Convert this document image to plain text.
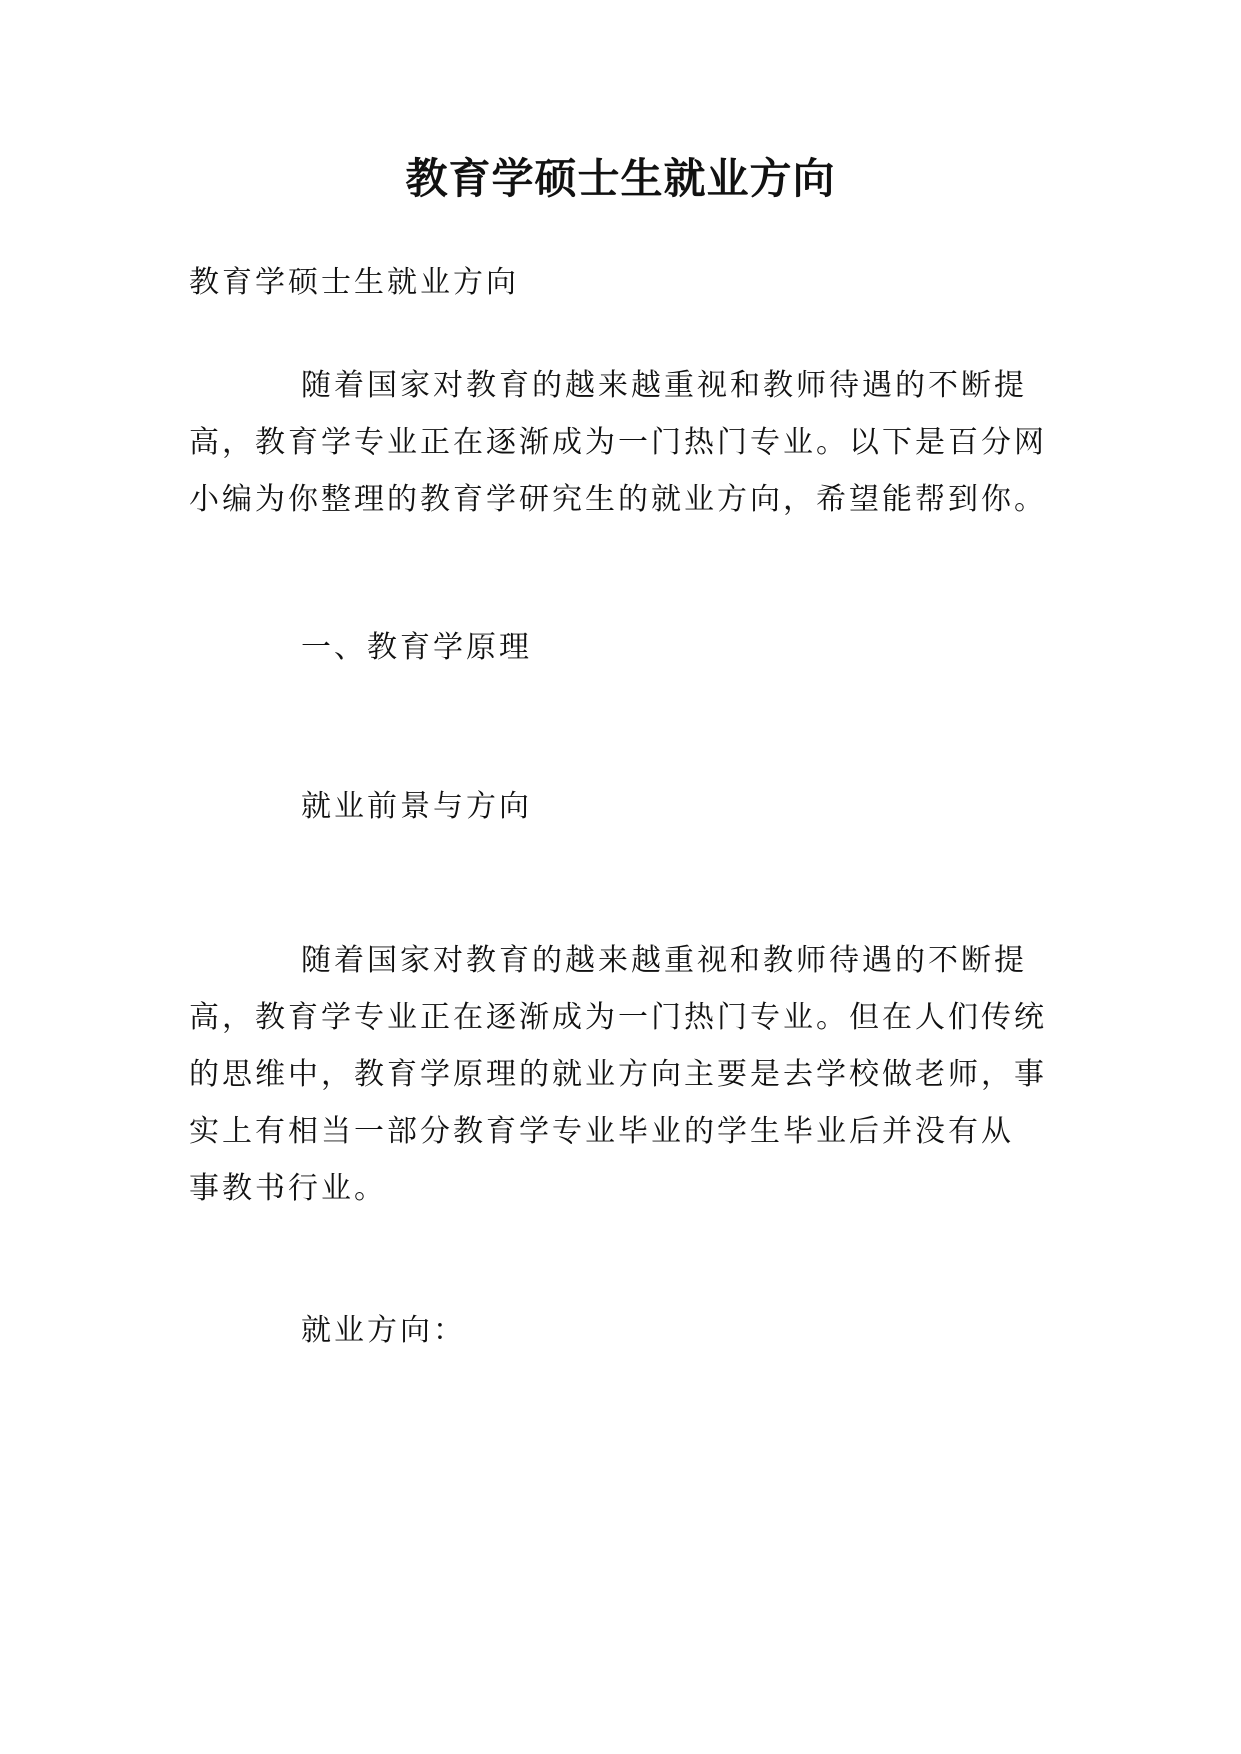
教育学硕士生就业方向
教育学硕士生就业方向
随着国家对教育的越来越重视和教师待遇的不断提
高，教育学专业正在逐渐成为一门热门专业。以下是百分网
小编为你整理的教育学研究生的就业方向，希望能帮到你。
一、教育学原理
就业前景与方向
随着国家对教育的越来越重视和教师待遇的不断提
高，教育学专业正在逐渐成为一门热门专业。但在人们传统
的思维中，教育学原理的就业方向主要是去学校做老师，事
实上有相当一部分教育学专业毕业的学生毕业后并没有从
事教书行业。
就业方向：
